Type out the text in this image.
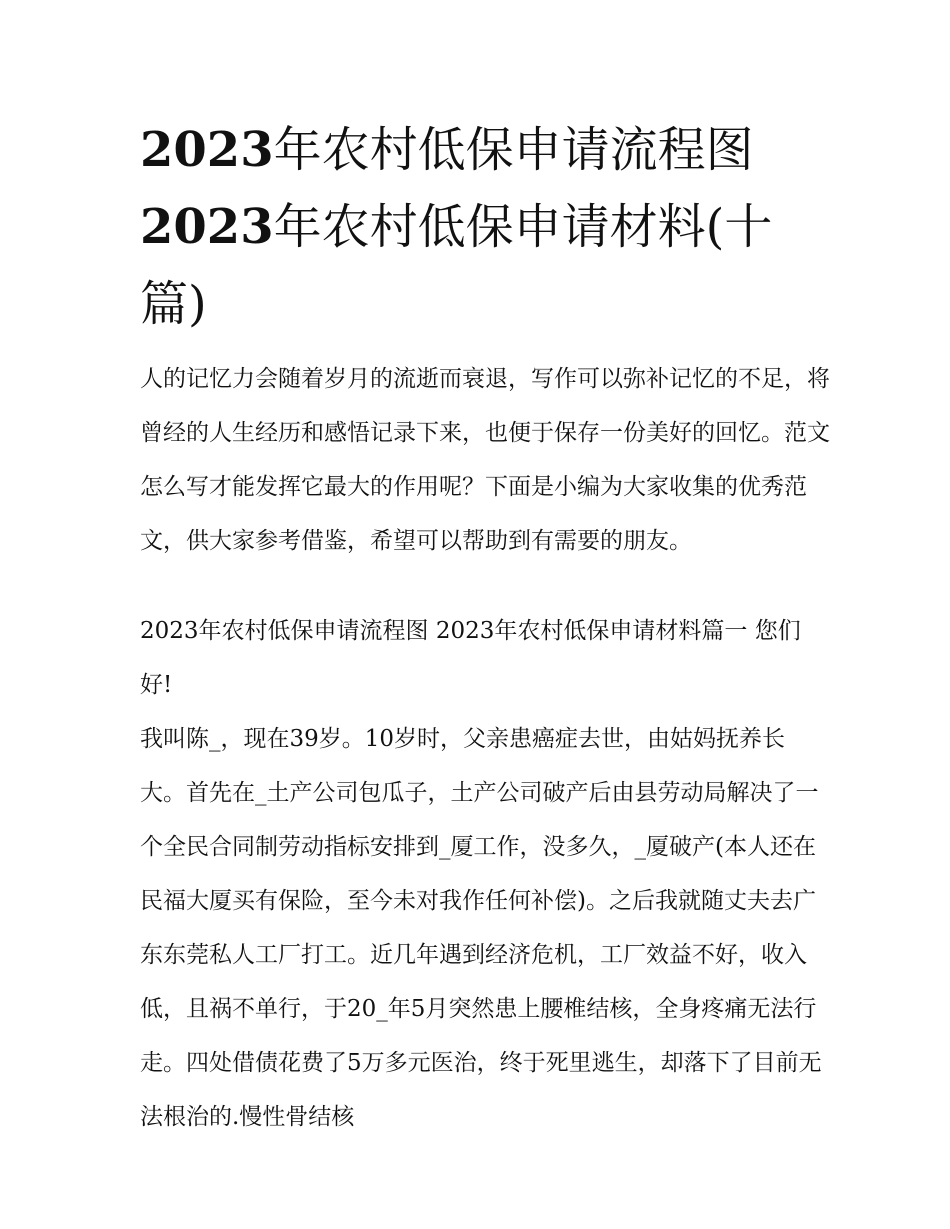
2023年农村低保申请流程图
2023年农村低保申请材料(十篇)

人的记忆力会随着岁月的流逝而衰退，写作可以弥补记忆的不足，将曾经的人生经历和感悟记录下来，也便于保存一份美好的回忆。范文怎么写才能发挥它最大的作用呢？下面是小编为大家收集的优秀范文，供大家参考借鉴，希望可以帮助到有需要的朋友。

2023年农村低保申请流程图 2023年农村低保申请材料篇一 您们好!

我叫陈_，现在39岁。10岁时，父亲患癌症去世，由姑妈抚养长大。首先在_土产公司包瓜子，土产公司破产后由县劳动局解决了一个全民合同制劳动指标安排到_厦工作，没多久，_厦破产(本人还在民福大厦买有保险，至今未对我作任何补偿)。之后我就随丈夫去广东东莞私人工厂打工。近几年遇到经济危机，工厂效益不好，收入低，且祸不单行，于20_年5月突然患上腰椎结核，全身疼痛无法行走。四处借债花费了5万多元医治，终于死里逃生，却落下了目前无法根治的.慢性骨结核
